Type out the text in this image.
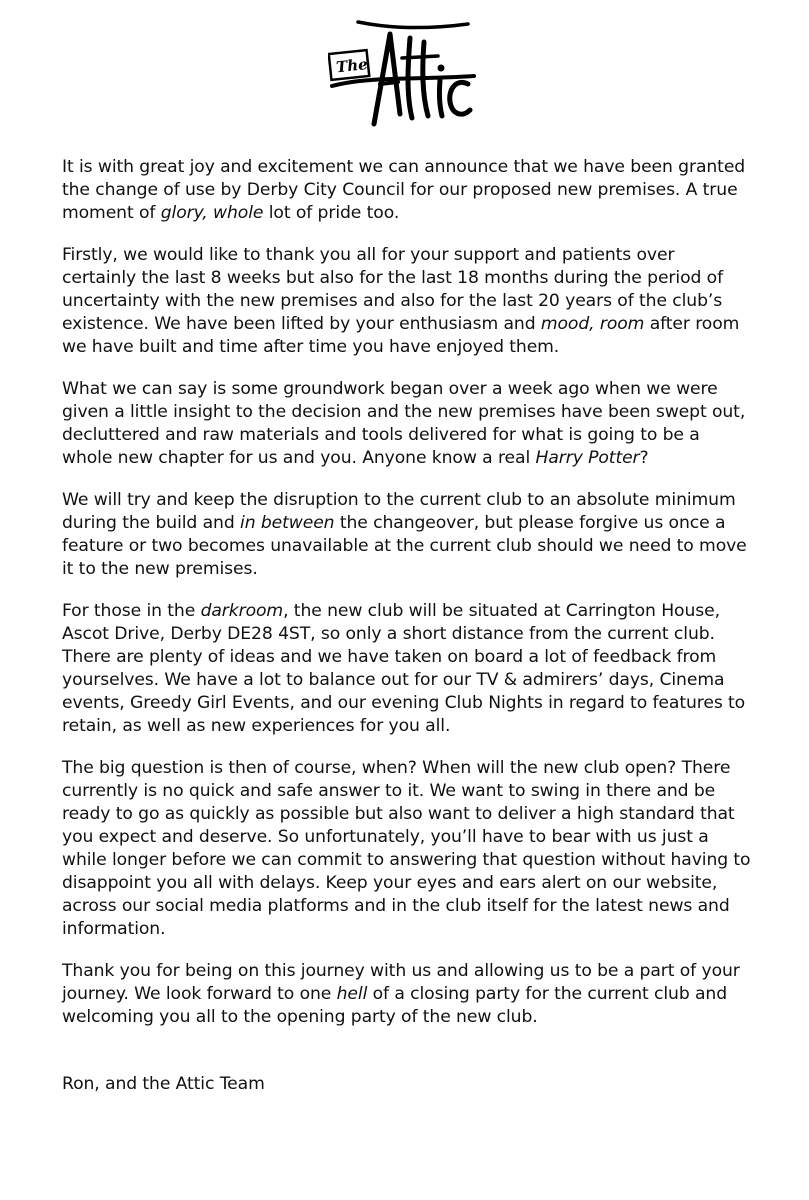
The

It is with great joy and excitement we can announce that we have been granted the change of use by Derby City Council for our proposed new premises. A true moment of glory, whole lot of pride too.

Firstly, we would like to thank you all for your support and patients over certainly the last 8 weeks but also for the last 18 months during the period of uncertainty with the new premises and also for the last 20 years of the club’s existence. We have been lifted by your enthusiasm and mood, room after room we have built and time after time you have enjoyed them.

What we can say is some groundwork began over a week ago when we were given a little insight to the decision and the new premises have been swept out, decluttered and raw materials and tools delivered for what is going to be a whole new chapter for us and you. Anyone know a real Harry Potter?

We will try and keep the disruption to the current club to an absolute minimum during the build and in between the changeover, but please forgive us once a feature or two becomes unavailable at the current club should we need to move it to the new premises.

For those in the darkroom, the new club will be situated at Carrington House, Ascot Drive, Derby DE28 4ST, so only a short distance from the current club. There are plenty of ideas and we have taken on board a lot of feedback from yourselves. We have a lot to balance out for our TV & admirers’ days, Cinema events, Greedy Girl Events, and our evening Club Nights in regard to features to retain, as well as new experiences for you all.

The big question is then of course, when? When will the new club open? There currently is no quick and safe answer to it. We want to swing in there and be ready to go as quickly as possible but also want to deliver a high standard that you expect and deserve. So unfortunately, you’ll have to bear with us just a while longer before we can commit to answering that question without having to disappoint you all with delays. Keep your eyes and ears alert on our website, across our social media platforms and in the club itself for the latest news and information.

Thank you for being on this journey with us and allowing us to be a part of your journey. We look forward to one hell of a closing party for the current club and welcoming you all to the opening party of the new club.

Ron, and the Attic Team
